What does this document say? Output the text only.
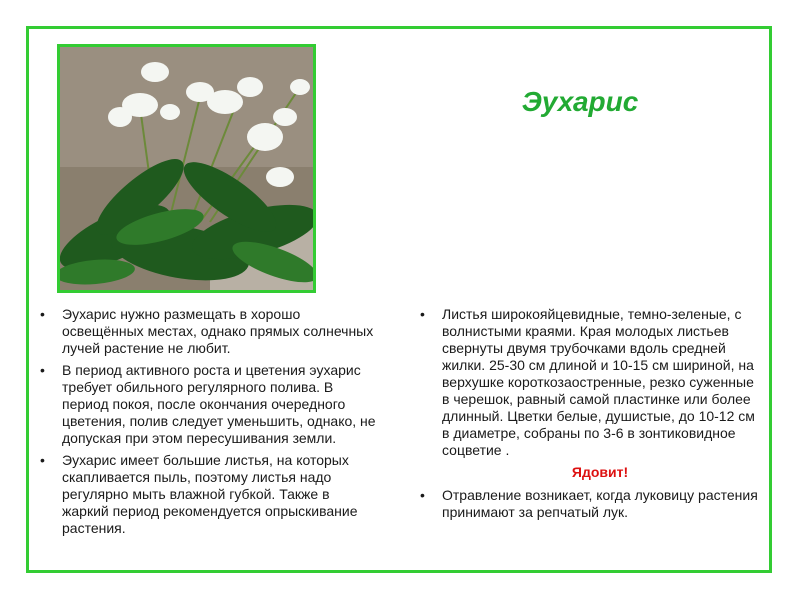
Эухарис
• Эухарис нужно размещать в хорошо освещённых местах, однако прямых солнечных лучей растение не любит.
• В период активного роста и цветения эухарис требует обильного регулярного полива. В период покоя, после окончания очередного цветения, полив следует уменьшить, однако, не допуская при этом пересушивания земли.
• Эухарис имеет большие листья, на которых скапливается пыль, поэтому листья надо регулярно мыть влажной губкой. Также в жаркий период рекомендуется опрыскивание растения.
• Листья широкояйцевидные, темно-зеленые, с волнистыми краями. Края молодых листьев свернуты двумя трубочками вдоль средней жилки. 25-30 см длиной и 10-15 см шириной, на верхушке короткозаостренные, резко суженные в черешок, равный самой пластинке или более длинный. Цветки белые, душистые, до 10-12 см в диаметре, собраны по 3-6 в зонтиковидное соцветие .
Ядовит!
• Отравление возникает, когда луковицу растения принимают за репчатый лук.
